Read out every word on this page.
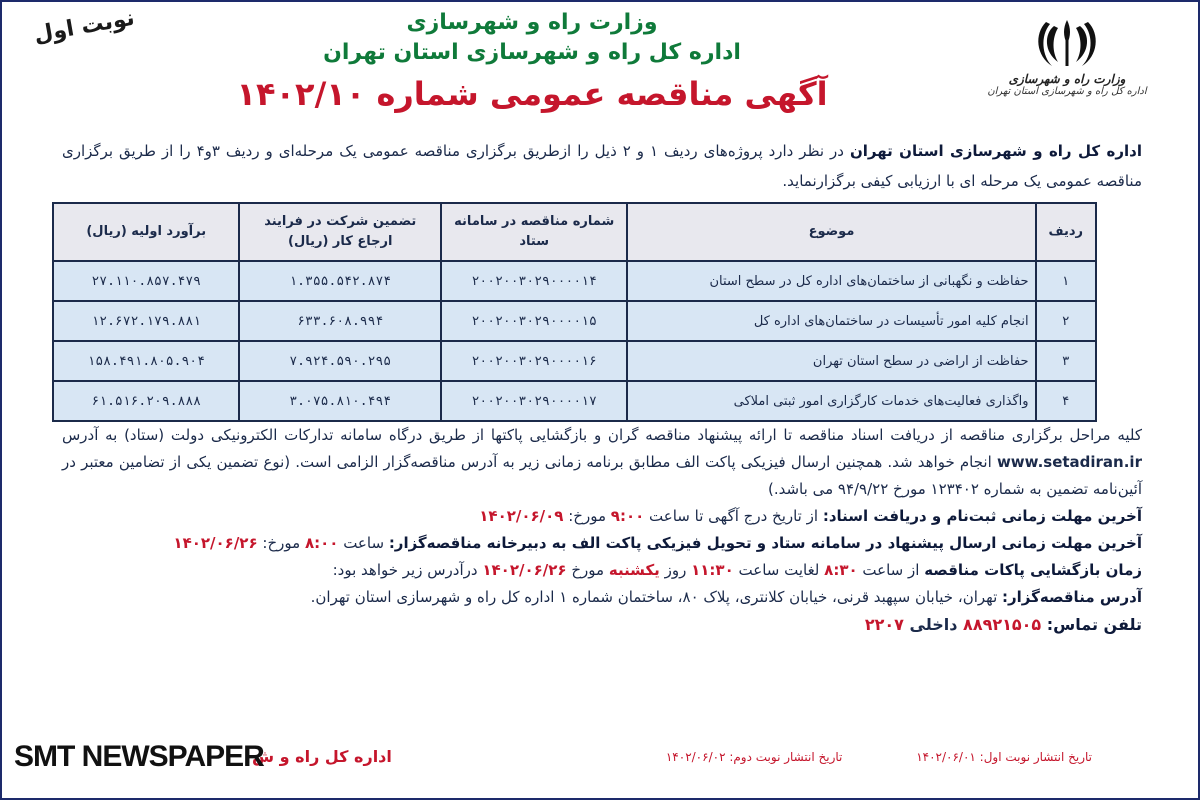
نوبت اول	وزارت راه و شهرسازی
اداره کل راه و شهرسازی استان تهران
آگهی مناقصه عمومی شماره ۱۴۰۲/۱۰	وزارت راه و شهرسازی
اداره کل راه و شهرسازی استان تهران
اداره کل راه و شهرسازی استان تهران در نظر دارد پروژه‌های ردیف ۱ و ۲ ذیل را ازطریق برگزاری مناقصه عمومی یک مرحله‌ای و ردیف ۳و۴ را از طریق برگزاری مناقصه عمومی یک مرحله ای با ارزیابی کیفی برگزارنماید.
ردیف	موضوع	شماره مناقصه در سامانه ستاد	تضمین شرکت در فرایند ارجاع کار (ریال)	برآورد اولیه (ریال)
۱	حفاظت و نگهبانی از ساختمان‌های اداره کل در سطح استان	۲۰۰۲۰۰۳۰۲۹۰۰۰۰۱۴	۱.۳۵۵.۵۴۲.۸۷۴	۲۷.۱۱۰.۸۵۷.۴۷۹
۲	انجام کلیه امور تأسیسات در ساختمان‌های اداره کل	۲۰۰۲۰۰۳۰۲۹۰۰۰۰۱۵	۶۳۳.۶۰۸.۹۹۴	۱۲.۶۷۲.۱۷۹.۸۸۱
۳	حفاظت از اراضی در سطح استان تهران	۲۰۰۲۰۰۳۰۲۹۰۰۰۰۱۶	۷.۹۲۴.۵۹۰.۲۹۵	۱۵۸.۴۹۱.۸۰۵.۹۰۴
۴	واگذاری فعالیت‌های خدمات کارگزاری امور ثبتی املاکی	۲۰۰۲۰۰۳۰۲۹۰۰۰۰۱۷	۳.۰۷۵.۸۱۰.۴۹۴	۶۱.۵۱۶.۲۰۹.۸۸۸

کلیه مراحل برگزاری مناقصه از دریافت اسناد مناقصه تا ارائه پیشنهاد مناقصه گران و بازگشایی پاکتها از طریق درگاه سامانه تدارکات الکترونیکی دولت (ستاد) به آدرس www.setadiran.ir انجام خواهد شد. همچنین ارسال فیزیکی پاکت الف مطابق برنامه زمانی زیر به آدرس مناقصه‌گزار الزامی است. (نوع تضمین یکی از تضامین معتبر در آئین‌نامه تضمین به شماره ۱۲۳۴۰۲ مورخ ۹۴/۹/۲۲ می باشد.)

آخرین مهلت زمانی ثبت‌نام و دریافت اسناد: از تاریخ درج آگهی تا ساعت ۹:۰۰ مورخ: ۱۴۰۲/۰۶/۰۹

آخرین مهلت زمانی ارسال پیشنهاد در سامانه ستاد و تحویل فیزیکی پاکت الف به دبیرخانه مناقصه‌گزار: ساعت ۸:۰۰ مورخ: ۱۴۰۲/۰۶/۲۶

زمان بازگشایی پاکات مناقصه از ساعت ۸:۳۰ لغایت ساعت ۱۱:۳۰ روز یکشنبه مورخ ۱۴۰۲/۰۶/۲۶ درآدرس زیر خواهد بود:

آدرس مناقصه‌گزار: تهران، خیابان سپهبد قرنی، خیابان کلانتری، پلاک ۸۰، ساختمان شماره ۱ اداره کل راه و شهرسازی استان تهران.

تلفن تماس: ۸۸۹۲۱۵۰۵ داخلی ۲۲۰۷

اداره کل راه و ش
SMT NEWSPAPER	تاریخ انتشار نوبت اول: ۱۴۰۲/۰۶/۰۱ تاریخ انتشار نوبت دوم: ۱۴۰۲/۰۶/۰۲
